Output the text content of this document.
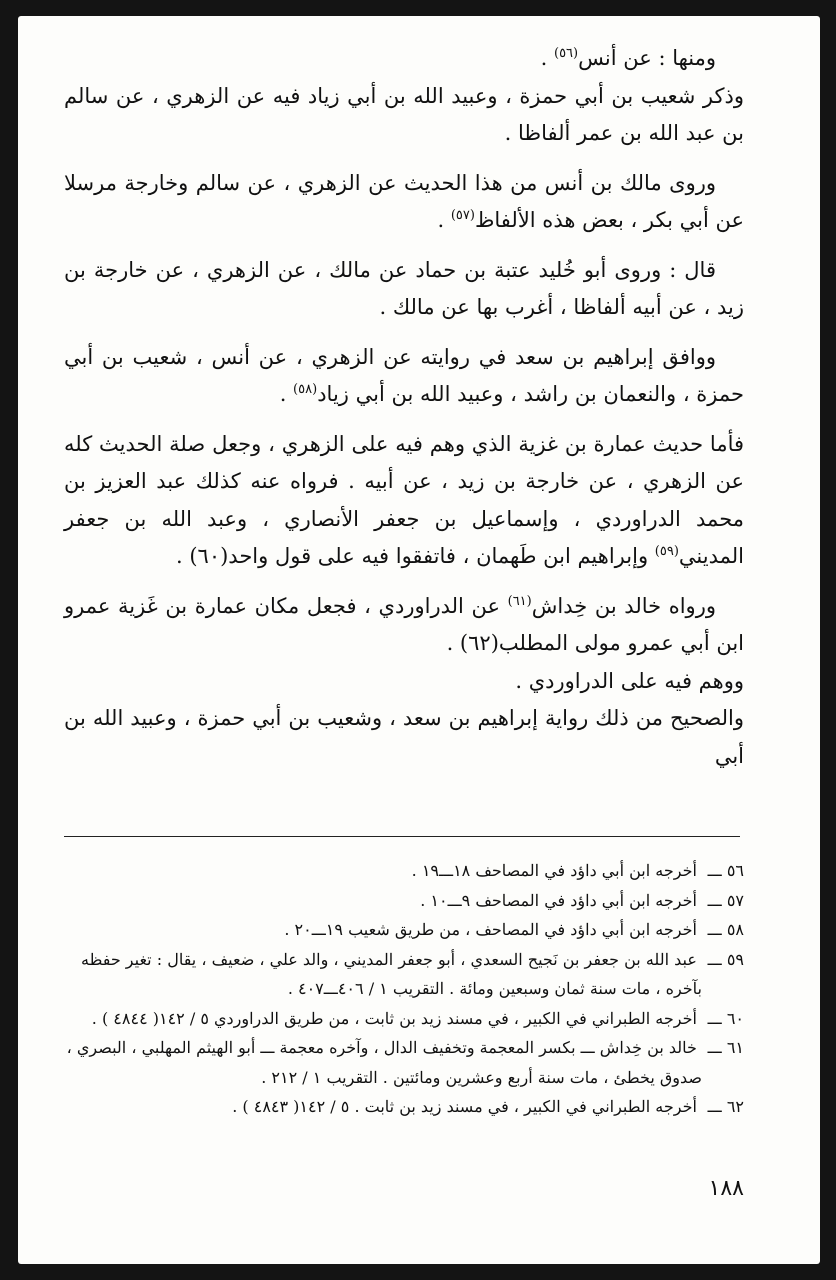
ومنها : عن أنس$^{(٥٦)}$ .

وذكر شعيب بن أبي حمزة ، وعبيد الله بن أبي زياد فيه عن الزهري ، عن سالم بن عبد الله بن عمر ألفاظا .

وروى مالك بن أنس من هذا الحديث عن الزهري ، عن سالم وخارجة مرسلا عن أبي بكر ، بعض هذه الألفاظ$^{(٥٧)}$ .

قال : وروى أبو خُليد عتبة بن حماد عن مالك ، عن الزهري ، عن خارجة بن زيد ، عن أبيه ألفاظا ، أغرب بها عن مالك .

ووافق إبراهيم بن سعد في روايته عن الزهري ، عن أنس ، شعيب بن أبي حمزة ، والنعمان بن راشد ، وعبيد الله بن أبي زياد$^{(٥٨)}$ .

فأما حديث عمارة بن غزية الذي وهم فيه على الزهري ، وجعل صلة الحديث كله عن الزهري ، عن خارجة بن زيد ، عن أبيه . فرواه عنه كذلك عبد العزيز بن محمد الدراوردي ، وإسماعيل بن جعفر الأنصاري ، وعبد الله بن جعفر المديني$^{(٥٩)}$ وإبراهيم ابن طَهمان ، فاتفقوا فيه على قول واحد(٦٠) .

ورواه خالد بن خِداش$^{(٦١)}$ عن الدراوردي ، فجعل مكان عمارة بن غَزية عمرو ابن أبي عمرو مولى المطلب(٦٢) .

ووهم فيه على الدراوردي .

والصحيح من ذلك رواية إبراهيم بن سعد ، وشعيب بن أبي حمزة ، وعبيد الله بن أبي

٥٦ ـــ أخرجه ابن أبي داؤد في المصاحف ١٨ـــ١٩ .

٥٧ ـــ أخرجه ابن أبي داؤد في المصاحف ٩ـــ١٠ .

٥٨ ـــ أخرجه ابن أبي داؤد في المصاحف ، من طريق شعيب ١٩ـــ٢٠ .

٥٩ ـــ عبد الله بن جعفر بن نَجيح السعدي ، أبو جعفر المديني ، والد علي ، ضعيف ، يقال : تغير حفظه

بآخره ، مات سنة ثمان وسبعين ومائة . التقريب ١ / ٤٠٦ـــ٤٠٧ .

٦٠ ـــ أخرجه الطبراني في الكبير ، في مسند زيد بن ثابت ، من طريق الدراوردي ٥ / ١٤٢( ٤٨٤٤ ) .

٦١ ـــ خالد بن خِداش ـــ بكسر المعجمة وتخفيف الدال ، وآخره معجمة ـــ أبو الهيثم المهلبي ، البصري ،

صدوق يخطئ ، مات سنة أربع وعشرين ومائتين . التقريب ١ / ٢١٢ .

٦٢ ـــ أخرجه الطبراني في الكبير ، في مسند زيد بن ثابت . ٥ / ١٤٢( ٤٨٤٣ ) .

١٨٨
